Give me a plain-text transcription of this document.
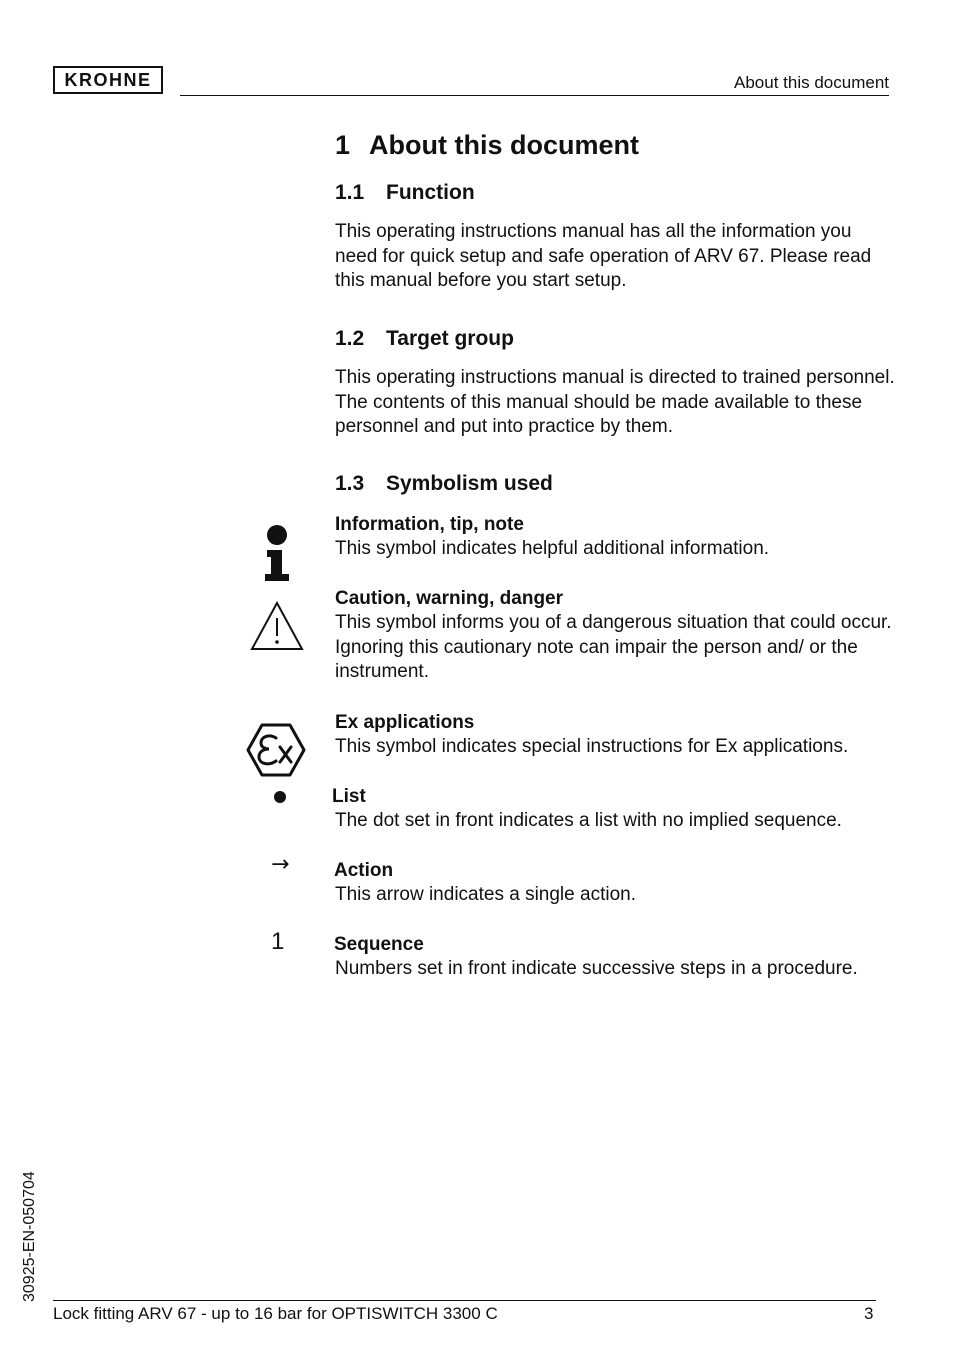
KROHNE	About this document
1 About this document
1.1 Function
This operating instructions manual has all the information you need for quick setup and safe operation of ARV 67. Please read this manual before you start setup.
1.2 Target group
This operating instructions manual is directed to trained personnel. The contents of this manual should be made available to these personnel and put into practice by them.
1.3 Symbolism used
Information, tip, note
This symbol indicates helpful additional information.
Caution, warning, danger
This symbol informs you of a dangerous situation that could occur. Ignoring this cautionary note can impair the person and/ or the instrument.
Ex applications
This symbol indicates special instructions for Ex applications.
List
The dot set in front indicates a list with no implied sequence.
→ Action
This arrow indicates a single action.
1	Sequence
Numbers set in front indicate successive steps in a procedure.
30925-EN-050704
Lock fitting ARV 67 - up to 16 bar for OPTISWITCH 3300 C	3
